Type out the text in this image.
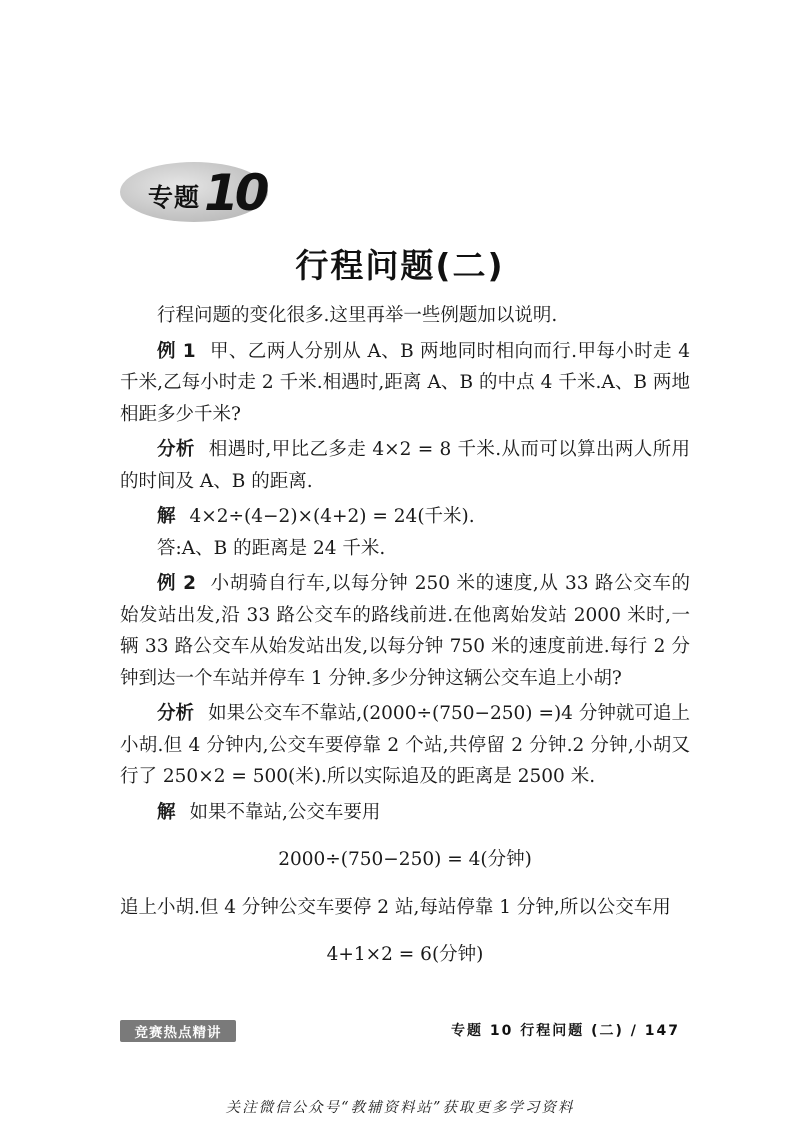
专题 10
行程问题(二)

行程问题的变化很多.这里再举一些例题加以说明.

例 1 甲、乙两人分别从 A、B 两地同时相向而行.甲每小时走 4 千米,乙每小时走 2 千米.相遇时,距离 A、B 的中点 4 千米.A、B 两地相距多少千米?

分析 相遇时,甲比乙多走 4×2 = 8 千米.从而可以算出两人所用的时间及 A、B 的距离.

解 4×2÷(4−2)×(4+2) = 24(千米).

答:A、B 的距离是 24 千米.

例 2 小胡骑自行车,以每分钟 250 米的速度,从 33 路公交车的始发站出发,沿 33 路公交车的路线前进.在他离始发站 2000 米时,一辆 33 路公交车从始发站出发,以每分钟 750 米的速度前进.每行 2 分钟到达一个车站并停车 1 分钟.多少分钟这辆公交车追上小胡?

分析 如果公交车不靠站,(2000÷(750−250) =)4 分钟就可追上小胡.但 4 分钟内,公交车要停靠 2 个站,共停留 2 分钟.2 分钟,小胡又行了 250×2 = 500(米).所以实际追及的距离是 2500 米.

解 如果不靠站,公交车要用

2000÷(750−250) = 4(分钟)

追上小胡.但 4 分钟公交车要停 2 站,每站停靠 1 分钟,所以公交车用

4+1×2 = 6(分钟)

竞赛热点精讲	专题 10 行程问题 (二) / 147
关注微信公众号“教辅资料站”获取更多学习资料
